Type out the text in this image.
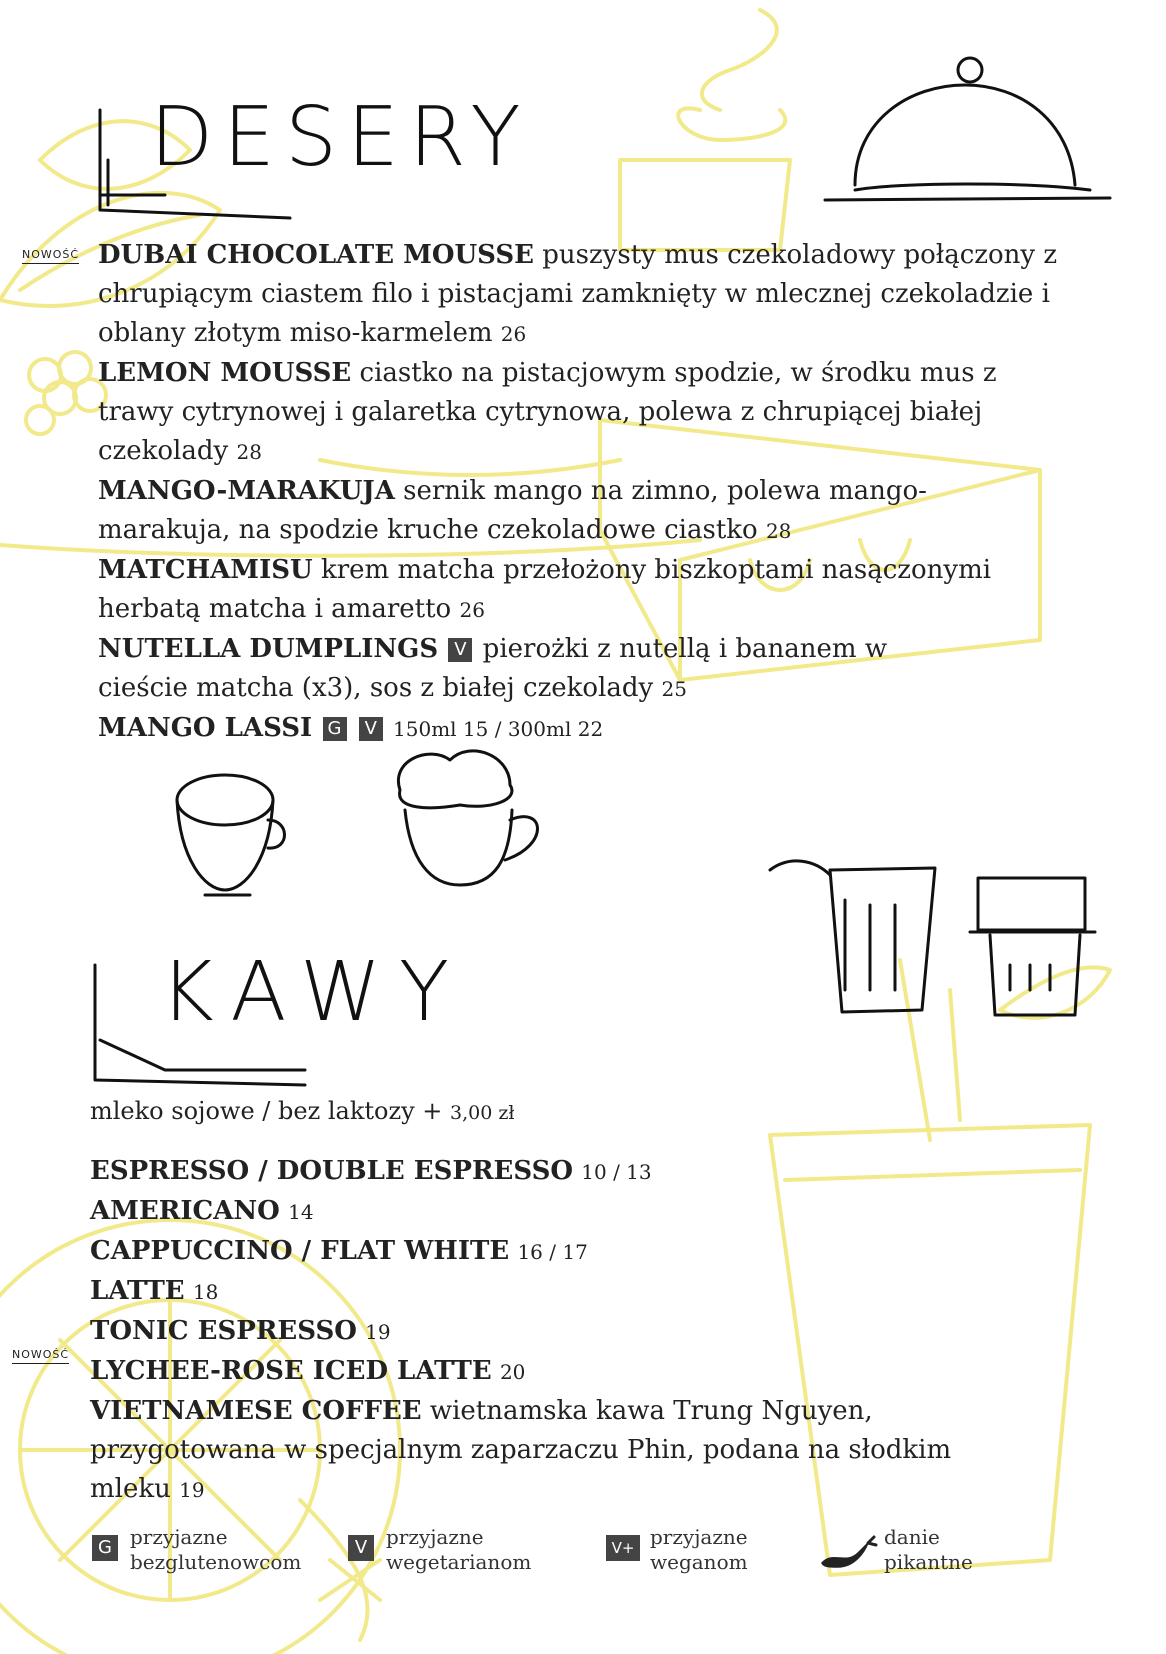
DESERY
NOWOŚĆ DUBAI CHOCOLATE MOUSSE puszysty mus czekoladowy połączony z chrupiącym ciastem filo i pistacjami zamknięty w mlecznej czekoladzie i oblany złotym miso-karmelem 26

LEMON MOUSSE ciastko na pistacjowym spodzie, w środku mus z trawy cytrynowej i galaretka cytrynowa, polewa z chrupiącej białej czekolady 28

MANGO-MARAKUJA sernik mango na zimno, polewa mango-marakuja, na spodzie kruche czekoladowe ciastko 28

MATCHAMISU krem matcha przełożony biszkoptami nasączonymi herbatą matcha i amaretto 26

NUTELLA DUMPLINGS V pierożki z nutellą i bananem w cieście matcha (x3), sos z białej czekolady 25

MANGO LASSI G V 150ml 15 / 300ml 22

KAWY
mleko sojowe / bez laktozy + 3,00 zł
NOWOŚĆ

ESPRESSO / DOUBLE ESPRESSO 10 / 13

AMERICANO 14

CAPPUCCINO / FLAT WHITE 16 / 17

LATTE 18

TONIC ESPRESSO 19

LYCHEE-ROSE ICED LATTE 20

VIETNAMESE COFFEE wietnamska kawa Trung Nguyen, przygotowana w specjalnym zaparzaczu Phin, podana na słodkim mleku 19

G przyjazne
bezglutenowcom
V przyjazne
wegetarianom
V+ przyjazne
weganom
danie
pikantne
